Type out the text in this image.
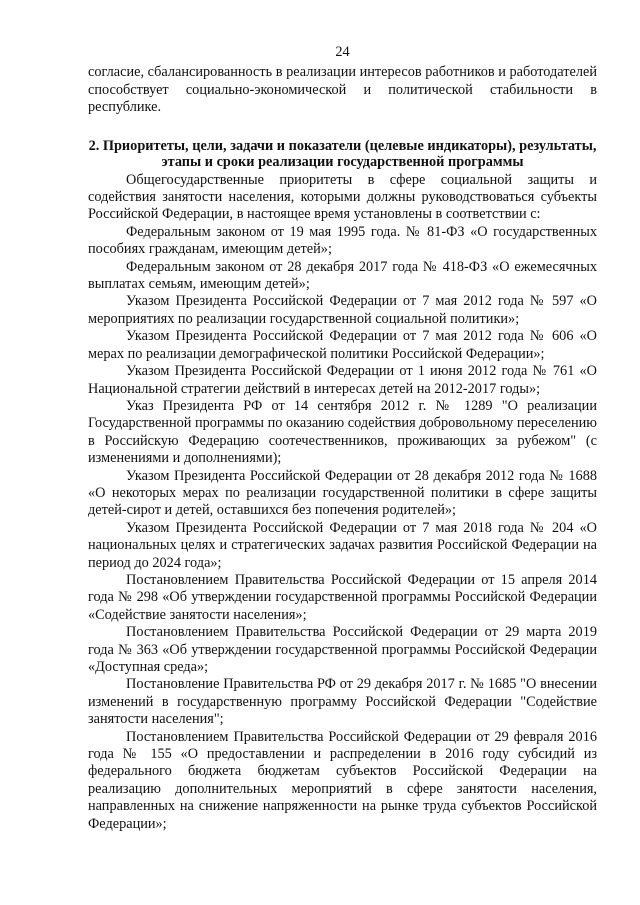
24

согласие, сбалансированность в реализации интересов работников и работодателей способствует социально-экономической и политической стабильности в республике.

2. Приоритеты, цели, задачи и показатели (целевые индикаторы), результаты, этапы и сроки реализации государственной программы

Общегосударственные приоритеты в сфере социальной защиты и содействия занятости населения, которыми должны руководствоваться субъекты Российской Федерации, в настоящее время установлены в соответствии с:

Федеральным законом от 19 мая 1995 года. № 81-ФЗ «О государственных пособиях гражданам, имеющим детей»;

Федеральным законом от 28 декабря 2017 года № 418-ФЗ «О ежемесячных выплатах семьям, имеющим детей»;

Указом Президента Российской Федерации от 7 мая 2012 года № 597 «О мероприятиях по реализации государственной социальной политики»;

Указом Президента Российской Федерации от 7 мая 2012 года № 606 «О мерах по реализации демографической политики Российской Федерации»;

Указом Президента Российской Федерации от 1 июня 2012 года № 761 «О Национальной стратегии действий в интересах детей на 2012-2017 годы»;

Указ Президента РФ от 14 сентября 2012 г. № 1289 "О реализации Государственной программы по оказанию содействия добровольному переселению в Российскую Федерацию соотечественников, проживающих за рубежом" (с изменениями и дополнениями);

Указом Президента Российской Федерации от 28 декабря 2012 года № 1688 «О некоторых мерах по реализации государственной политики в сфере защиты детей-сирот и детей, оставшихся без попечения родителей»;

Указом Президента Российской Федерации от 7 мая 2018 года № 204 «О национальных целях и стратегических задачах развития Российской Федерации на период до 2024 года»;

Постановлением Правительства Российской Федерации от 15 апреля 2014 года № 298 «Об утверждении государственной программы Российской Федерации «Содействие занятости населения»;

Постановлением Правительства Российской Федерации от 29 марта 2019 года № 363 «Об утверждении государственной программы Российской Федерации «Доступная среда»;

Постановление Правительства РФ от 29 декабря 2017 г. № 1685 "О внесении изменений в государственную программу Российской Федерации "Содействие занятости населения";

Постановлением Правительства Российской Федерации от 29 февраля 2016 года № 155 «О предоставлении и распределении в 2016 году субсидий из федерального бюджета бюджетам субъектов Российской Федерации на реализацию дополнительных мероприятий в сфере занятости населения, направленных на снижение напряженности на рынке труда субъектов Российской Федерации»;
